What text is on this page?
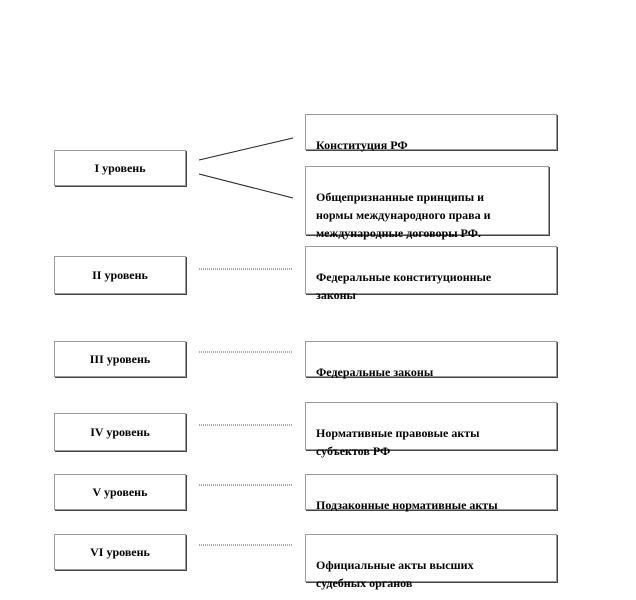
I уровень
II уровень
III уровень
IV уровень
V уровень
VI уровень

Конституция РФ

Общепризнанные принципы и
нормы международного права и
международные договоры РФ.

Федеральные конституционные
законы

Федеральные законы

Нормативные правовые акты
субъектов РФ

Подзаконные нормативные акты

Официальные акты высших
судебных органов
